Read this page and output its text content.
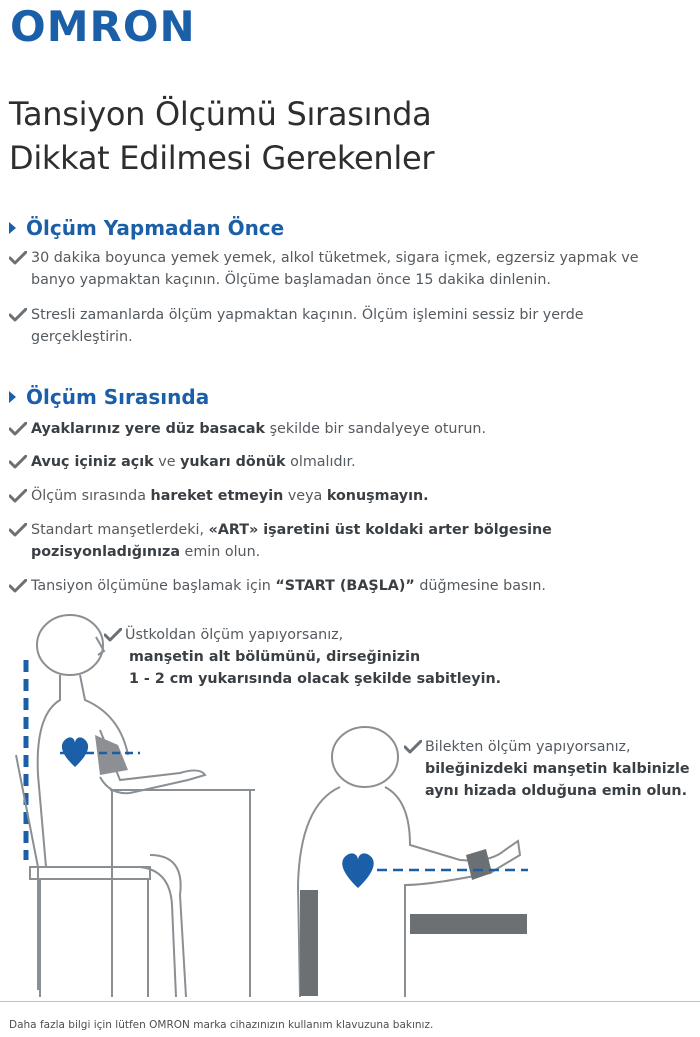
OMRON
Tansiyon Ölçümü Sırasında
Dikkat Edilmesi Gerekenler
Ölçüm Yapmadan Önce
30 dakika boyunca yemek yemek, alkol tüketmek, sigara içmek, egzersiz yapmak ve banyo yapmaktan kaçının. Ölçüme başlamadan önce 15 dakika dinlenin.
Stresli zamanlarda ölçüm yapmaktan kaçının. Ölçüm işlemini sessiz bir yerde gerçekleştirin.
Ölçüm Sırasında
Ayaklarınız yere düz basacak şekilde bir sandalyeye oturun.
Avuç içiniz açık ve yukarı dönük olmalıdır.
Ölçüm sırasında hareket etmeyin veya konuşmayın.
Standart manşetlerdeki, «ART» işaretini üst koldaki arter bölgesine pozisyonladığınıza emin olun.
Tansiyon ölçümüne başlamak için “START (BAŞLA)” düğmesine basın.
Üstkoldan ölçüm yapıyorsanız,
manşetin alt bölümünü, dirseğinizin
1 - 2 cm yukarısında olacak şekilde sabitleyin.
Bilekten ölçüm yapıyorsanız,
bileğinizdeki manşetin kalbinizle
aynı hizada olduğuna emin olun.
Daha fazla bilgi için lütfen OMRON marka cihazınızın kullanım klavuzuna bakınız.
